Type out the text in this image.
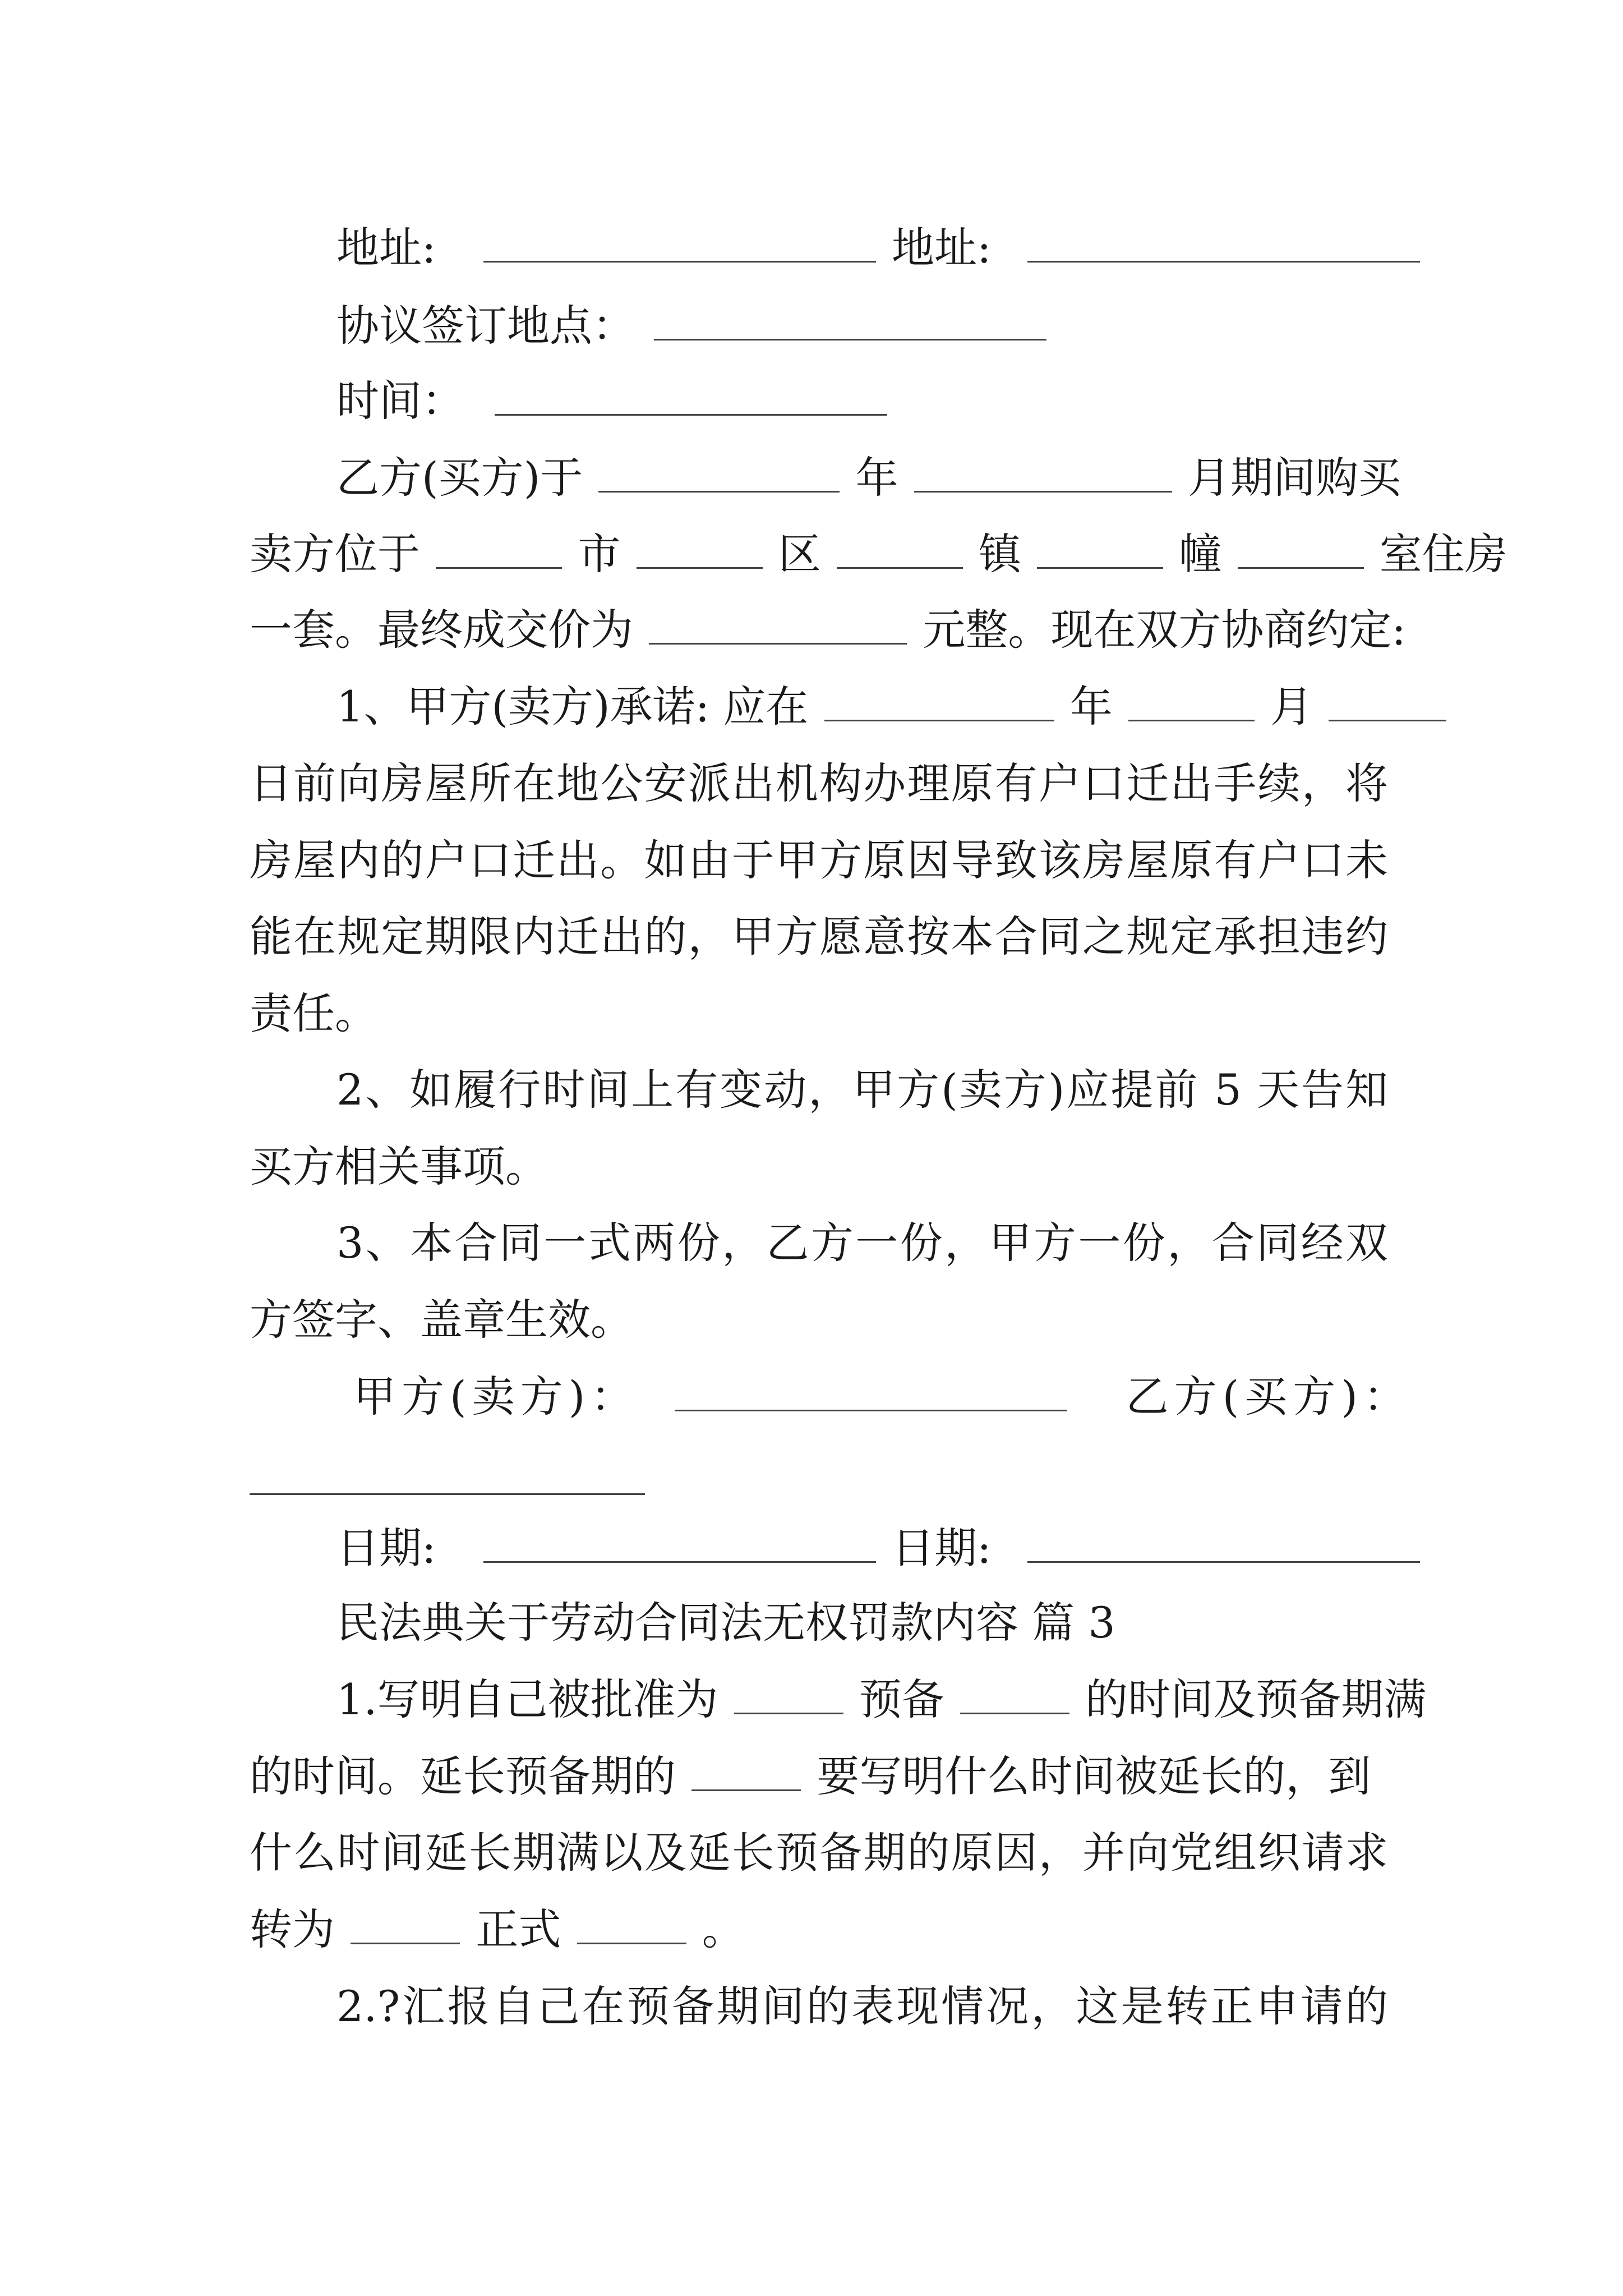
地址:	地址:
协议签订地点：
时间：
乙方(买方)于	年	月期间购买
卖方位于	市	区	镇	幢	室住房
一套。最终成交价为	元整。现在双方协商约定:
1、甲方(卖方)承诺: 应在	年	月
日前向房屋所在地公安派出机构办理原有户口迁出手续，将
房屋内的户口迁出。如由于甲方原因导致该房屋原有户口未
能在规定期限内迁出的，甲方愿意按本合同之规定承担违约
责任。
2、如履行时间上有变动，甲方(卖方)应提前 5 天告知
买方相关事项。
3、本合同一式两份，乙方一份，甲方一份，合同经双
方签字、盖章生效。
甲方(卖方)：	乙方(买方)：
日期:	日期:
民法典关于劳动合同法无权罚款内容 篇 3
1.写明自己被批准为	预备	的时间及预备期满
的时间。延长预备期的	要写明什么时间被延长的，到
什么时间延长期满以及延长预备期的原因，并向党组织请求
转为	正式	。
2.?汇报自己在预备期间的表现情况，这是转正申请的
